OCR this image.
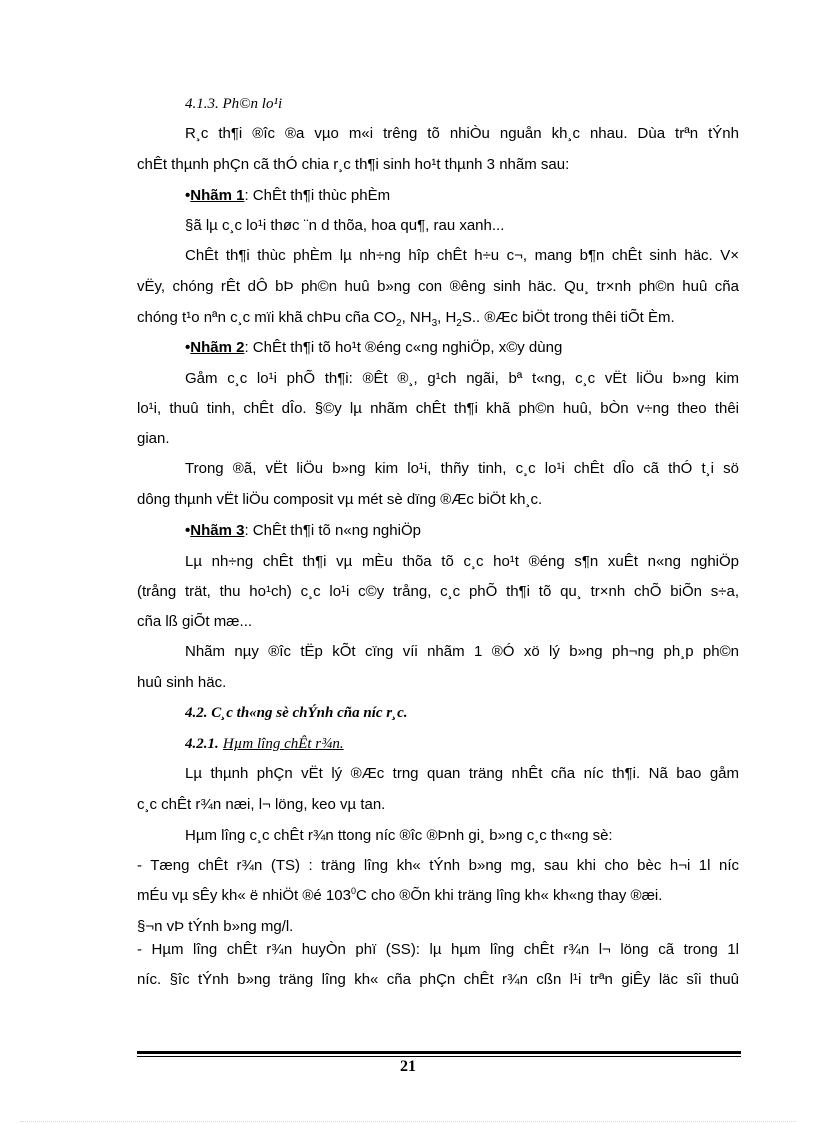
4.1.3. Ph©n lo¹i
R¸c th¶i ®îc ®a vµo m«i trêng tõ nhiÒu nguån kh¸c nhau. Dùa trªn tÝnh
chÊt thµnh phÇn cã thÓ chia r¸c th¶i sinh ho¹t thµnh 3 nhãm sau:
•Nhãm 1: ChÊt th¶i thùc phÈm
§ã lµ c¸c lo¹i thøc ¨n d thõa, hoa qu¶, rau xanh...
ChÊt th¶i thùc phÈm lµ nh÷ng hîp chÊt h÷u c¬, mang b¶n chÊt sinh häc. V×
vËy, chóng rÊt dÔ bÞ ph©n huû b»ng con ®êng sinh häc. Qu¸ tr×nh ph©n huû cña
chóng t¹o nªn c¸c mïi khã chÞu cña $CO_2$, $NH_3$, $H_2S$.. ®Æc biÖt trong thêi tiÕt Èm.
•Nhãm 2: ChÊt th¶i tõ ho¹t ®éng c«ng nghiÖp, x©y dùng
Gåm c¸c lo¹i phÕ th¶i: ®Êt ®¸, g¹ch ngãi, bª t«ng, c¸c vËt liÖu b»ng kim
lo¹i, thuû tinh, chÊt dÎo. §©y lµ nhãm chÊt th¶i khã ph©n huû, bÒn v÷ng theo thêi
gian.
Trong ®ã, vËt liÖu b»ng kim lo¹i, thñy tinh, c¸c lo¹i chÊt dÎo cã thÓ t¸i sö
dông thµnh vËt liÖu composit vµ mét sè dïng ®Æc biÖt kh¸c.
•Nhãm 3: ChÊt th¶i tõ n«ng nghiÖp
Lµ nh÷ng chÊt th¶i vµ mÈu thõa tõ c¸c ho¹t ®éng s¶n xuÊt n«ng nghiÖp
(trång trät, thu ho¹ch) c¸c lo¹i c©y trång, c¸c phÕ th¶i tõ qu¸ tr×nh chÕ biÕn s÷a,
cña lß giÕt mæ...
Nhãm nµy ®îc tËp kÕt cïng víi nhãm 1 ®Ó xö lý b»ng ph¬ng ph¸p ph©n
huû sinh häc.
4.2. C¸c th«ng sè chÝnh cña níc r¸c.
4.2.1. Hµm lîng chÊt r¾n.
Lµ thµnh phÇn vËt lý ®Æc trng quan träng nhÊt cña níc th¶i. Nã bao gåm
c¸c chÊt r¾n næi, l¬ löng, keo vµ tan.
Hµm lîng c¸c chÊt r¾n ttong níc ®îc ®Þnh gi¸ b»ng c¸c th«ng sè:
- Tæng chÊt r¾n (TS) : träng lîng kh« tÝnh b»ng mg, sau khi cho bèc h¬i 1l níc
mÉu vµ sÊy kh« ë nhiÖt ®é $103^0C$ cho ®Õn khi träng lîng kh« kh«ng thay ®æi.
§¬n vÞ tÝnh b»ng mg/l.
- Hµm lîng chÊt r¾n huyÒn phï (SS): lµ hµm lîng chÊt r¾n l¬ löng cã trong 1l
níc. §îc tÝnh b»ng träng lîng kh« cña phÇn chÊt r¾n cßn l¹i trªn giÊy läc sîi thuû
21
